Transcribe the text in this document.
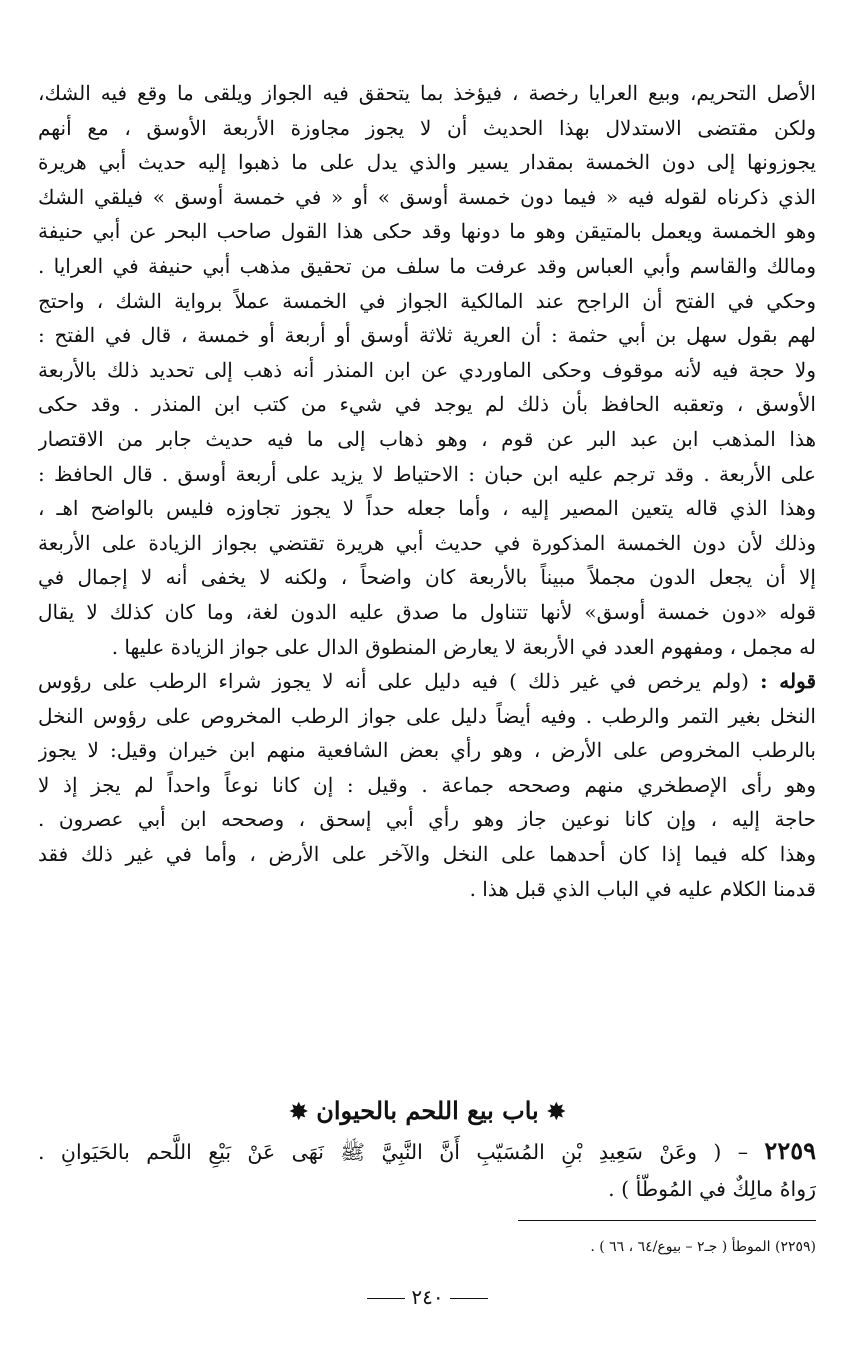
الأصل التحريم، وبيع العرايا رخصة ، فيؤخذ بما يتحقق فيه الجواز ويلقى ما وقع فيه الشك،
ولكن مقتضى الاستدلال بهذا الحديث أن لا يجوز مجاوزة الأربعة الأوسق ، مع أنهم
يجوزونها إلى دون الخمسة بمقدار يسير والذي يدل على ما ذهبوا إليه حديث أبي هريرة
الذي ذكرناه لقوله فيه « فيما دون خمسة أوسق » أو « في خمسة أوسق » فيلقي الشك
وهو الخمسة ويعمل بالمتيقن وهو ما دونها وقد حكى هذا القول صاحب البحر عن أبي حنيفة
ومالك والقاسم وأبي العباس وقد عرفت ما سلف من تحقيق مذهب أبي حنيفة في العرايا .
وحكي في الفتح أن الراجح عند المالكية الجواز في الخمسة عملاً برواية الشك ، واحتج
لهم بقول سهل بن أبي حثمة : أن العرية ثلاثة أوسق أو أربعة أو خمسة ، قال في الفتح :
ولا حجة فيه لأنه موقوف وحكى الماوردي عن ابن المنذر أنه ذهب إلى تحديد ذلك بالأربعة
الأوسق ، وتعقبه الحافظ بأن ذلك لم يوجد في شيء من كتب ابن المنذر . وقد حكى
هذا المذهب ابن عبد البر عن قوم ، وهو ذهاب إلى ما فيه حديث جابر من الاقتصار
على الأربعة . وقد ترجم عليه ابن حبان : الاحتياط لا يزيد على أربعة أوسق . قال الحافظ :
وهذا الذي قاله يتعين المصير إليه ، وأما جعله حداً لا يجوز تجاوزه فليس بالواضح اهـ ،
وذلك لأن دون الخمسة المذكورة في حديث أبي هريرة تقتضي بجواز الزيادة على الأربعة
إلا أن يجعل الدون مجملاً مبيناً بالأربعة كان واضحاً ، ولكنه لا يخفى أنه لا إجمال في
قوله «دون خمسة أوسق» لأنها تتناول ما صدق عليه الدون لغة، وما كان كذلك لا يقال
له مجمل ، ومفهوم العدد في الأربعة لا يعارض المنطوق الدال على جواز الزيادة عليها .
قوله : (ولم يرخص في غير ذلك ) فيه دليل على أنه لا يجوز شراء الرطب على رؤوس
النخل بغير التمر والرطب . وفيه أيضاً دليل على جواز الرطب المخروص على رؤوس النخل
بالرطب المخروص على الأرض ، وهو رأي بعض الشافعية منهم ابن خيران وقيل: لا يجوز
وهو رأى الإصطخري منهم وصححه جماعة . وقيل : إن كانا نوعاً واحداً لم يجز إذ لا
حاجة إليه ، وإن كانا نوعين جاز وهو رأي أبي إسحق ، وصححه ابن أبي عصرون .
وهذا كله فيما إذا كان أحدهما على النخل والآخر على الأرض ، وأما في غير ذلك فقد
قدمنا الكلام عليه في الباب الذي قبل هذا .
✸ باب بيع اللحم بالحيوان ✸
٢٢٥٩ – ( وعَنْ سَعِيدِ بْنِ المُسَيّبِ أَنَّ النَّبِيَّ ﷺ نَهَى عَنْ بَيْعِ اللَّحم بالحَيَوانِ .
رَواهُ مالِكٌ في المُوطّأ ) .
(٢٢٥٩) الموطأ ( جـ٢ – بيوع/٦٤ ، ٦٦ ) .
٢٤٠
